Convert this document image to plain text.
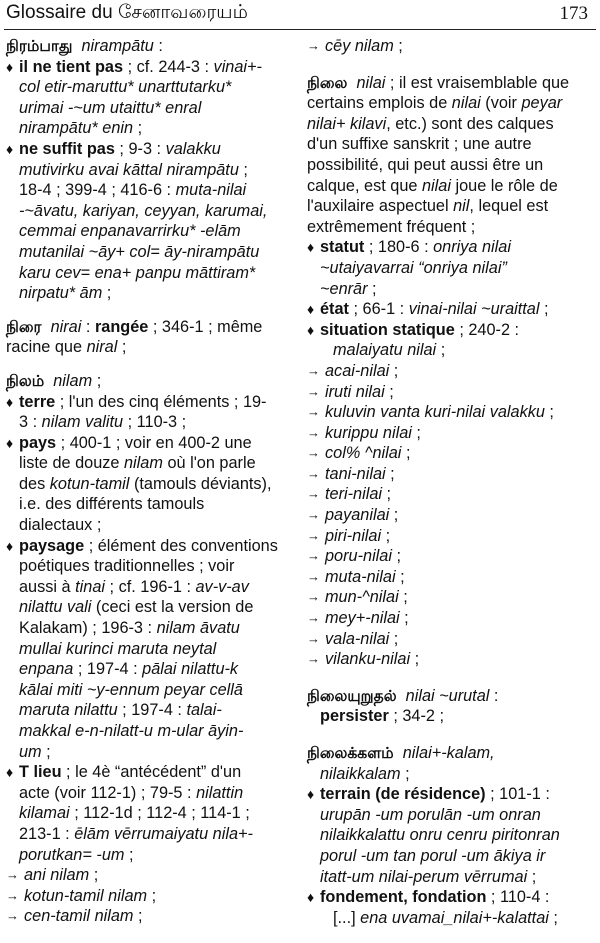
Glossaire du சேனாவரையம்	173

நிரம்பாது nirampātu :

♦ il ne tient pas ; cf. 244-3 : vinai+-

col etir-maruttu* unarttutarku*

urimai -~um utaittu* enral

nirampātu* enin ;

♦ ne suffit pas ; 9-3 : valakku

mutivirku avai kāttal nirampātu ;

18-4 ; 399-4 ; 416-6 : muta-nilai

-~āvatu, kariyan, ceyyan, karumai,

cemmai enpanavarrirku* -elām

mutanilai ~āy+ col= āy-nirampātu

karu cev= ena+ panpu māttiram*

nirpatu* ām ;

நிரை nirai : rangée ; 346-1 ; même

racine que niral ;

நிலம் nilam ;

♦ terre ; l'un des cinq éléments ; 19-

3 : nilam valitu ; 110-3 ;

♦ pays ; 400-1 ; voir en 400-2 une

liste de douze nilam où l'on parle

des kotun-tamil (tamouls déviants),

i.e. des différents tamouls

dialectaux ;

♦ paysage ; élément des conventions

poétiques traditionnelles ; voir

aussi à tinai ; cf. 196-1 : av-v-av

nilattu vali (ceci est la version de

Kalakam) ; 196-3 : nilam āvatu

mullai kurinci maruta neytal

enpana ; 197-4 : pālai nilattu-k

kālai miti ~y-ennum peyar cellā

maruta nilattu ; 197-4 : talai-

makkal e-n-nilatt-u m-ular āyin-

um ;

♦ T lieu ; le 4è “antécédent” d'un

acte (voir 112-1) ; 79-5 : nilattin

kilamai ; 112-1d ; 112-4 ; 114-1 ;

213-1 : ēlām vērrumaiyatu nila+-

porutkan= -um ;

→ ani nilam ;

→ kotun-tamil nilam ;

→ cen-tamil nilam ;

→ cēy nilam ;

நிலை nilai ; il est vraisemblable que

certains emplois de nilai (voir peyar

nilai+ kilavi, etc.) sont des calques

d'un suffixe sanskrit ; une autre

possibilité, qui peut aussi être un

calque, est que nilai joue le rôle de

l'auxilaire aspectuel nil, lequel est

extrêmement fréquent ;

♦ statut ; 180-6 : onriya nilai

~utaiyavarrai “onriya nilai”

~enrār ;

♦ état ; 66-1 : vinai-nilai ~uraittal ;

♦ situation statique ; 240-2 :

malaiyatu nilai ;

→ acai-nilai ;

→ iruti nilai ;

→ kuluvin vanta kuri-nilai valakku ;

→ kurippu nilai ;

→ col% ^nilai ;

→ tani-nilai ;

→ teri-nilai ;

→ payanilai ;

→ piri-nilai ;

→ poru-nilai ;

→ muta-nilai ;

→ mun-^nilai ;

→ mey+-nilai ;

→ vala-nilai ;

→ vilanku-nilai ;

நிலையுறுதல் nilai ~urutal :

persister ; 34-2 ;

நிலைக்களம் nilai+-kalam,

nilaikkalam ;

♦ terrain (de résidence) ; 101-1 :

urupān -um porulān -um onran

nilaikkalattu onru cenru piritonran

porul -um tan porul -um ākiya ir

itatt-um nilai-perum vērrumai ;

♦ fondement, fondation ; 110-4 :

[...] ena uvamai_nilai+-kalattai ;
